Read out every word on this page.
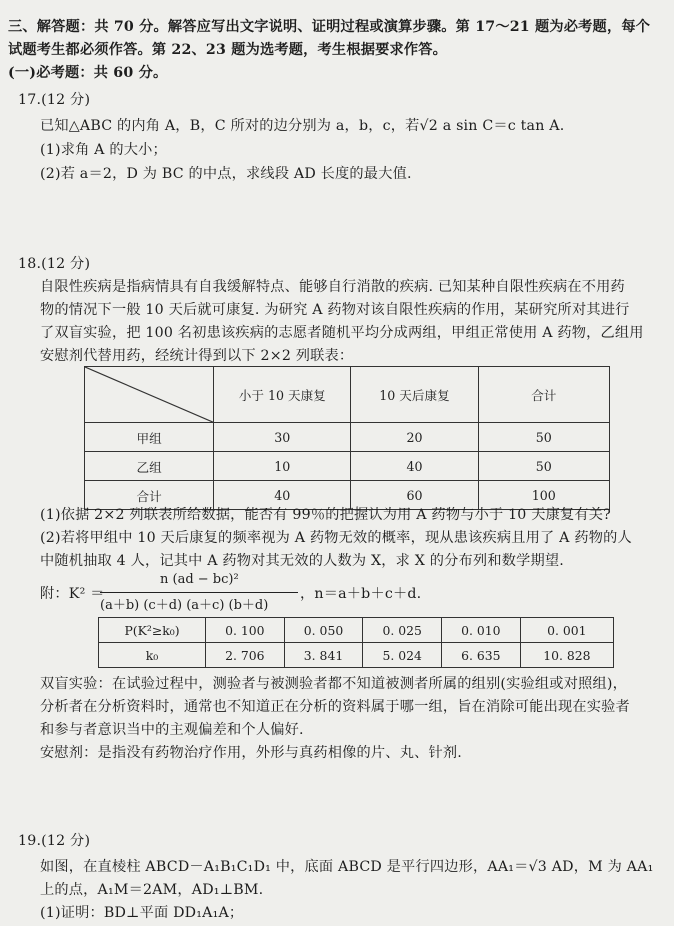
三、解答题：共 70 分。解答应写出文字说明、证明过程或演算步骤。第 17～21 题为必考题，每个
试题考生都必须作答。第 22、23 题为选考题，考生根据要求作答。
(一)必考题：共 60 分。
17.(12 分)
已知△ABC 的内角 A，B，C 所对的边分别为 a，b，c，若√2 a sin C＝c tan A.
(1)求角 A 的大小；
(2)若 a＝2，D 为 BC 的中点，求线段 AD 长度的最大值.
18.(12 分)
自限性疾病是指病情具有自我缓解特点、能够自行消散的疾病. 已知某种自限性疾病在不用药
物的情况下一般 10 天后就可康复. 为研究 A 药物对该自限性疾病的作用，某研究所对其进行
了双盲实验，把 100 名初患该疾病的志愿者随机平均分成两组，甲组正常使用 A 药物，乙组用
安慰剂代替用药，经统计得到以下 2×2 列联表：
	小于 10 天康复	10 天后康复	合计
甲组	30	20	50
乙组	10	40	50
合计	40	60	100
(1)依据 2×2 列联表所给数据，能否有 99％的把握认为用 A 药物与小于 10 天康复有关?
(2)若将甲组中 10 天后康复的频率视为 A 药物无效的概率，现从患该疾病且用了 A 药物的人
中随机抽取 4 人，记其中 A 药物对其无效的人数为 X，求 X 的分布列和数学期望.
附：K² ＝
n (ad − bc)²
(a＋b) (c＋d) (a＋c) (b＋d)
，n＝a＋b＋c＋d.
P(K²≥k₀)	0. 100	0. 050	0. 025	0. 010	0. 001
k₀	2. 706	3. 841	5. 024	6. 635	10. 828
双盲实验：在试验过程中，测验者与被测验者都不知道被测者所属的组别(实验组或对照组)，
分析者在分析资料时，通常也不知道正在分析的资料属于哪一组，旨在消除可能出现在实验者
和参与者意识当中的主观偏差和个人偏好.
安慰剂：是指没有药物治疗作用，外形与真药相像的片、丸、针剂.
19.(12 分)
如图，在直棱柱 ABCD－A₁B₁C₁D₁ 中，底面 ABCD 是平行四边形，AA₁＝√3 AD，M 为 AA₁
上的点，A₁M＝2AM，AD₁⊥BM.
(1)证明：BD⊥平面 DD₁A₁A；
